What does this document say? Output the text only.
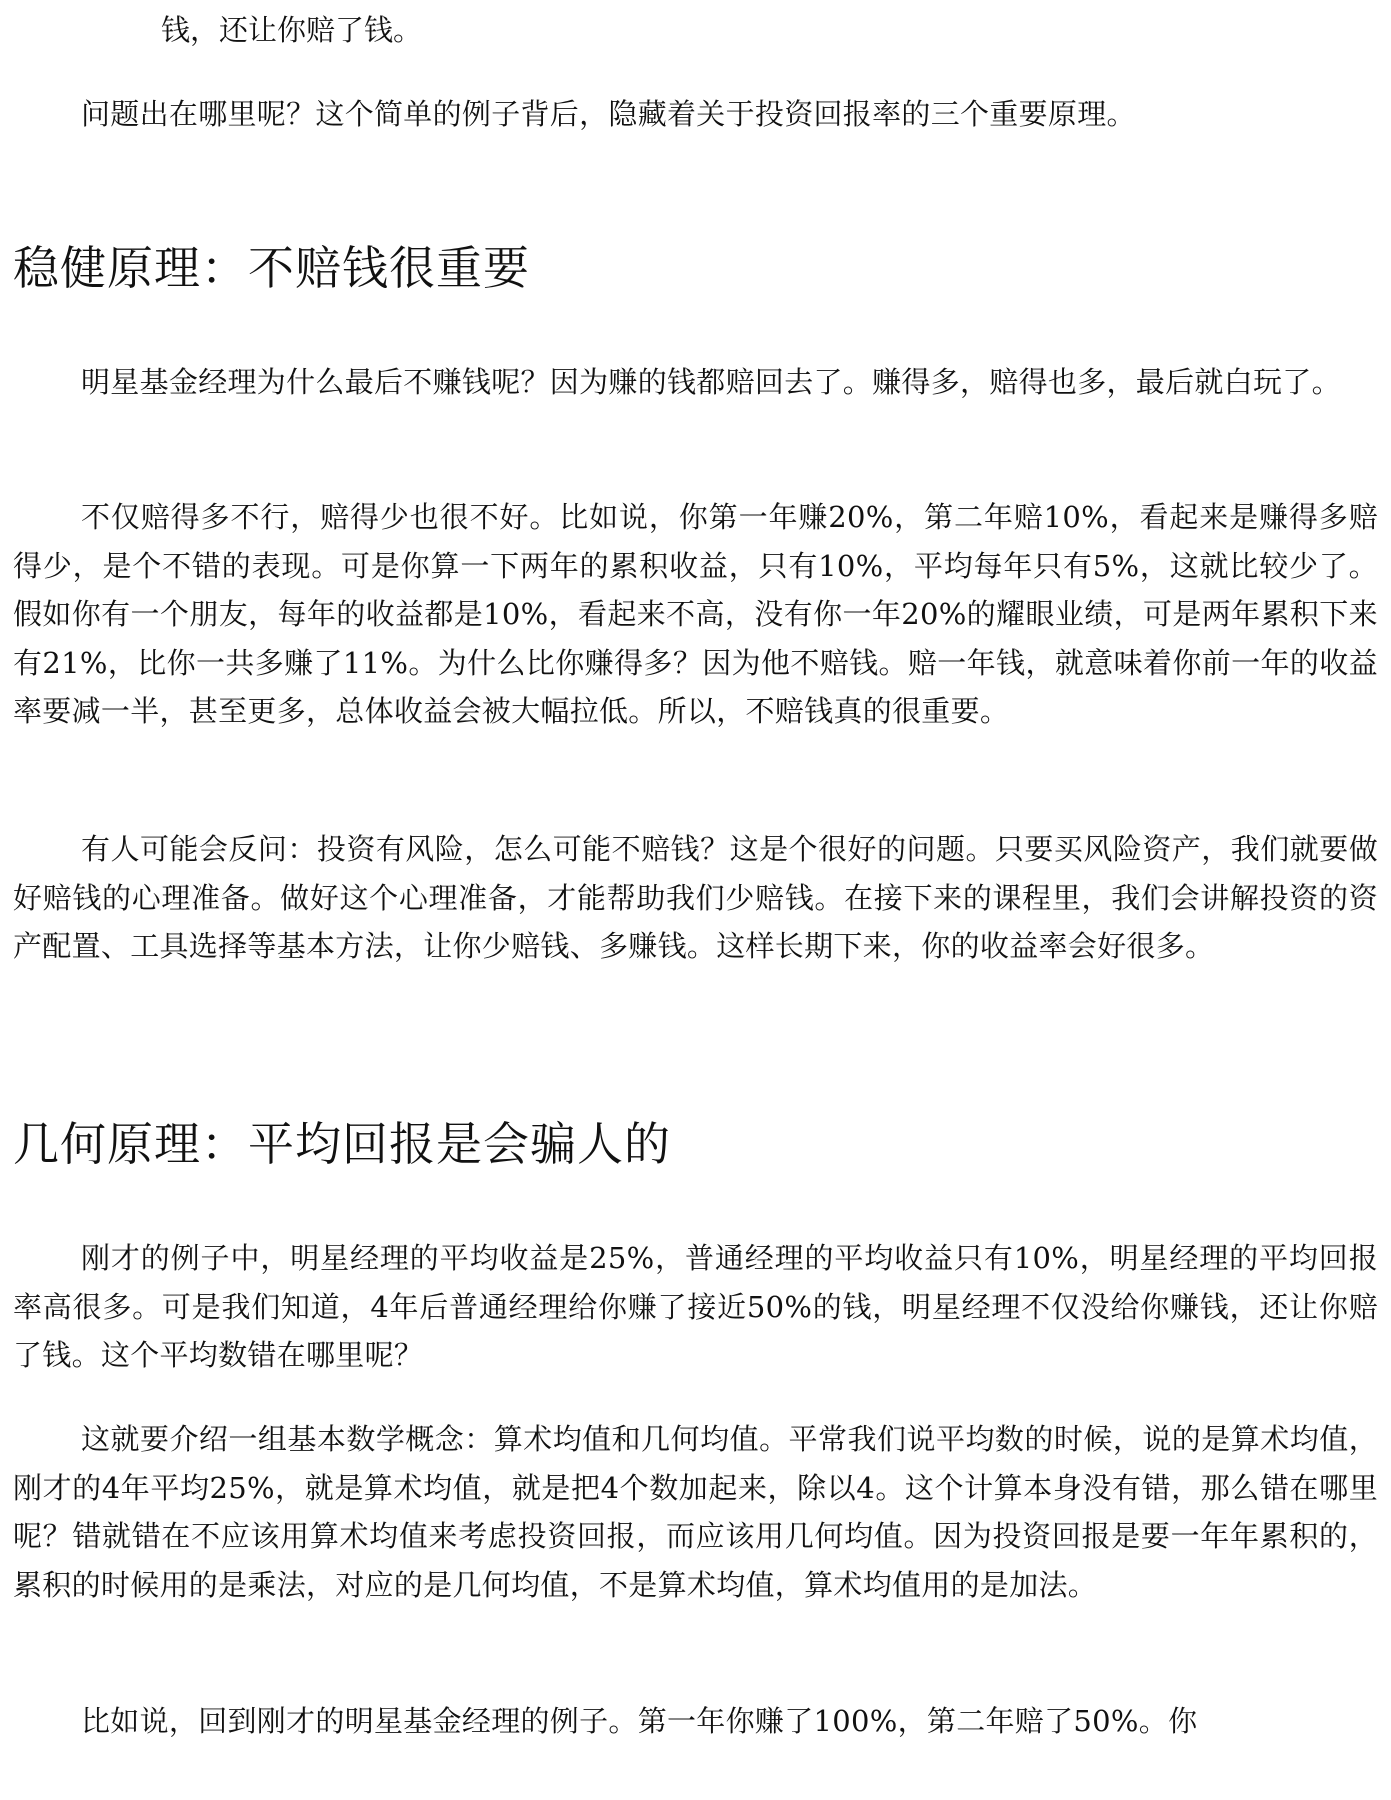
钱，还让你赔了钱。

问题出在哪里呢？这个简单的例子背后，隐藏着关于投资回报率的三个重要原理。

稳健原理：不赔钱很重要

明星基金经理为什么最后不赚钱呢？因为赚的钱都赔回去了。赚得多，赔得也多，最后就白玩了。

不仅赔得多不行，赔得少也很不好。比如说，你第一年赚20%，第二年赔10%，看起来是赚得多赔得少，是个不错的表现。可是你算一下两年的累积收益，只有10%，平均每年只有5%，这就比较少了。假如你有一个朋友，每年的收益都是10%，看起来不高，没有你一年20%的耀眼业绩，可是两年累积下来有21%，比你一共多赚了11%。为什么比你赚得多？因为他不赔钱。赔一年钱，就意味着你前一年的收益率要减一半，甚至更多，总体收益会被大幅拉低。所以，不赔钱真的很重要。

有人可能会反问：投资有风险，怎么可能不赔钱？这是个很好的问题。只要买风险资产，我们就要做好赔钱的心理准备。做好这个心理准备，才能帮助我们少赔钱。在接下来的课程里，我们会讲解投资的资产配置、工具选择等基本方法，让你少赔钱、多赚钱。这样长期下来，你的收益率会好很多。

几何原理：平均回报是会骗人的

刚才的例子中，明星经理的平均收益是25%，普通经理的平均收益只有10%，明星经理的平均回报率高很多。可是我们知道，4年后普通经理给你赚了接近50%的钱，明星经理不仅没给你赚钱，还让你赔了钱。这个平均数错在哪里呢？

这就要介绍一组基本数学概念：算术均值和几何均值。平常我们说平均数的时候，说的是算术均值，刚才的4年平均25%，就是算术均值，就是把4个数加起来，除以4。这个计算本身没有错，那么错在哪里呢？错就错在不应该用算术均值来考虑投资回报，而应该用几何均值。因为投资回报是要一年年累积的，累积的时候用的是乘法，对应的是几何均值，不是算术均值，算术均值用的是加法。

比如说，回到刚才的明星基金经理的例子。第一年你赚了100%，第二年赔了50%。你
